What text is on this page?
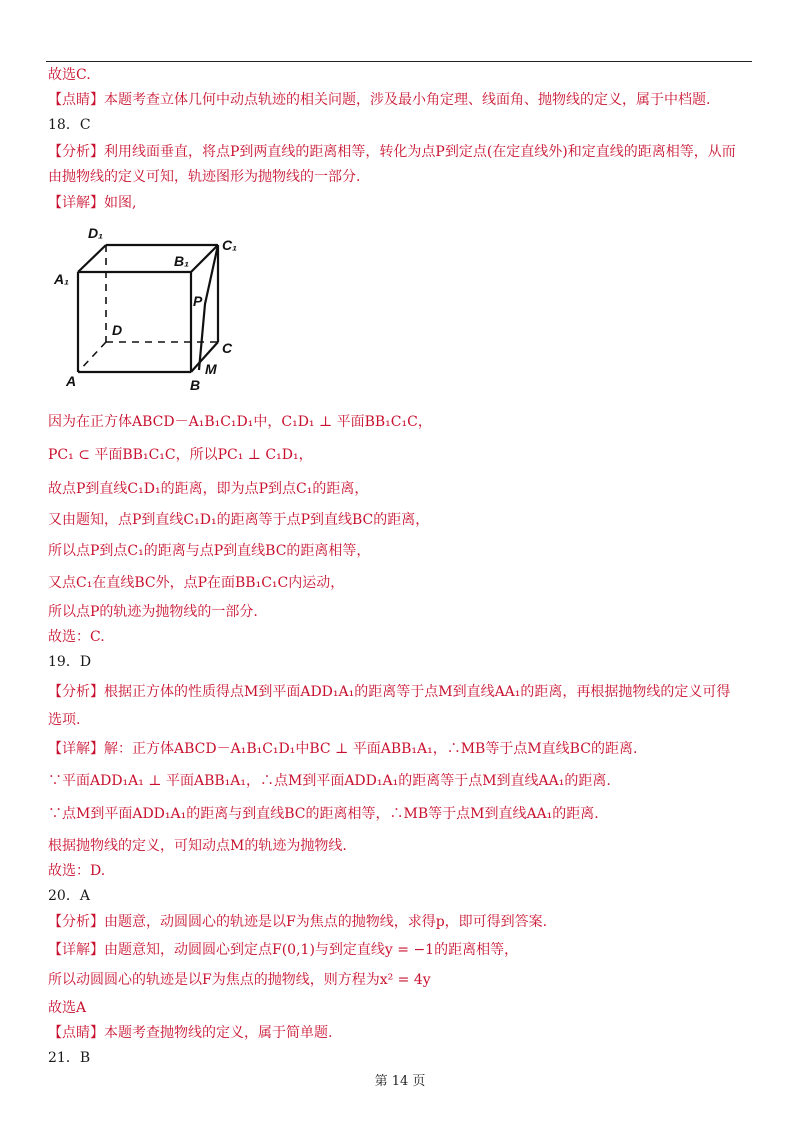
故选C.
【点睛】本题考查立体几何中动点轨迹的相关问题，涉及最小角定理、线面角、抛物线的定义，属于中档题.
18．C
【分析】利用线面垂直，将点P到两直线的距离相等，转化为点P到定点(在定直线外)和定直线的距离相等，从而
由抛物线的定义可知，轨迹图形为抛物线的一部分.
【详解】如图,
D₁
C₁
A₁
B₁
P
D
C
A	B
M
因为在正方体ABCD－A₁B₁C₁D₁中，C₁D₁ ⊥ 平面BB₁C₁C，
PC₁ ⊂ 平面BB₁C₁C，所以PC₁ ⊥ C₁D₁，
故点P到直线C₁D₁的距离，即为点P到点C₁的距离，
又由题知，点P到直线C₁D₁的距离等于点P到直线BC的距离，
所以点P到点C₁的距离与点P到直线BC的距离相等，
又点C₁在直线BC外，点P在面BB₁C₁C内运动，
所以点P的轨迹为抛物线的一部分.
故选：C.
19．D
【分析】根据正方体的性质得点M到平面ADD₁A₁的距离等于点M到直线AA₁的距离，再根据抛物线的定义可得
选项.
【详解】解：正方体ABCD－A₁B₁C₁D₁中BC ⊥ 平面ABB₁A₁，∴MB等于点M直线BC的距离.
∵平面ADD₁A₁ ⊥ 平面ABB₁A₁，∴点M到平面ADD₁A₁的距离等于点M到直线AA₁的距离.
∵点M到平面ADD₁A₁的距离与到直线BC的距离相等，∴MB等于点M到直线AA₁的距离.
根据抛物线的定义，可知动点M的轨迹为抛物线.
故选：D.
20．A
【分析】由题意，动圆圆心的轨迹是以F为焦点的抛物线，求得p，即可得到答案.
【详解】由题意知，动圆圆心到定点F(0,1)与到定直线y = −1的距离相等，
所以动圆圆心的轨迹是以F为焦点的抛物线，则方程为x² = 4y
故选A
【点睛】本题考查抛物线的定义，属于简单题.
21．B
第 14 页
